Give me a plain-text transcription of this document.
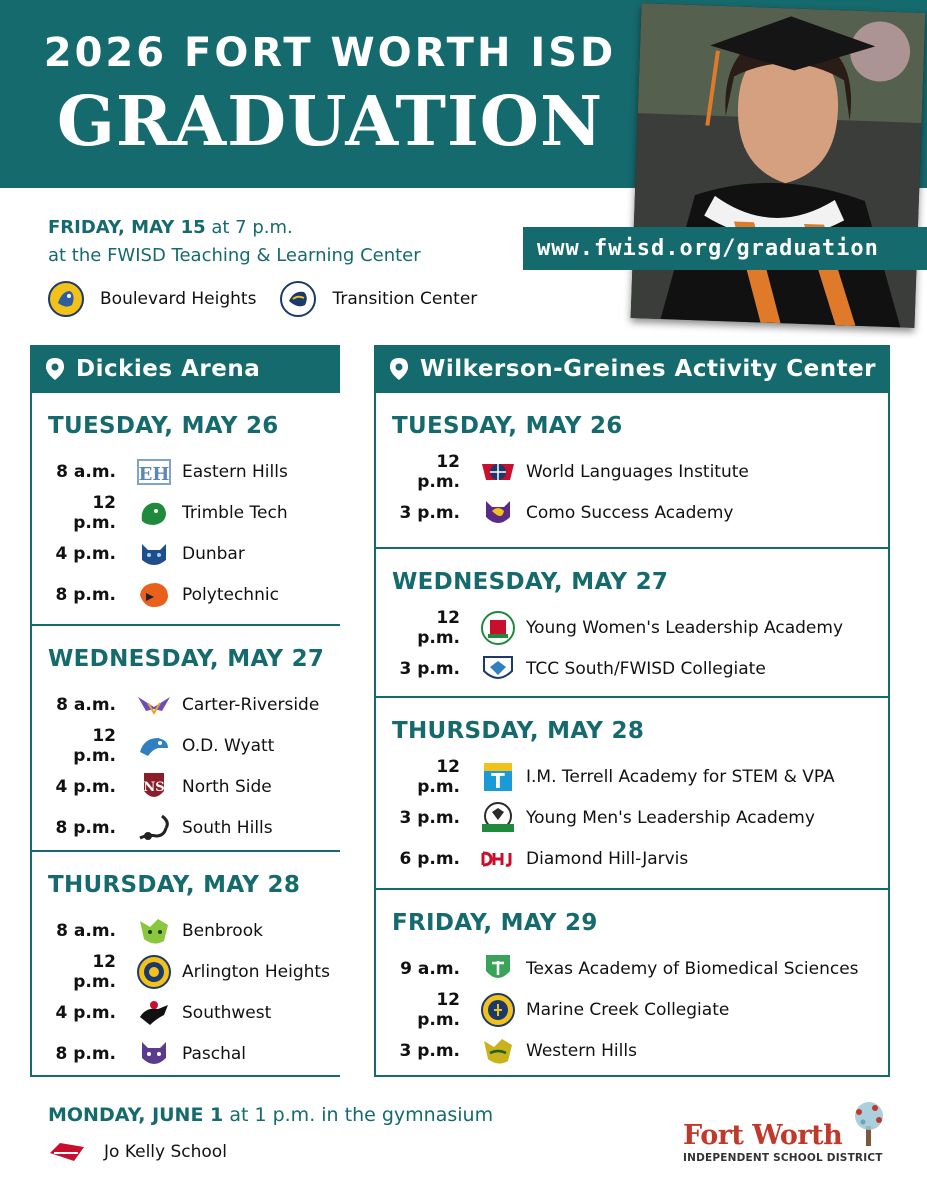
2026 FORT WORTH ISD
GRADUATION
www.fwisd.org/graduation
FRIDAY, MAY 15 at 7 p.m.
at the FWISD Teaching & Learning Center
Boulevard Heights	Transition Center
Dickies Arena
TUESDAY, MAY 26
8 a.m. EH Eastern Hills
12 p.m.	Trimble Tech
4 p.m.	Dunbar
8 p.m.	Polytechnic
WEDNESDAY, MAY 27
8 a.m.	Carter-Riverside
12 p.m.	O.D. Wyatt
4 p.m. NS North Side
8 p.m.	South Hills
THURSDAY, MAY 28
8 a.m.	Benbrook
12 p.m.	Arlington Heights
4 p.m.	Southwest
8 p.m.	Paschal
Wilkerson-Greines Activity Center
TUESDAY, MAY 26
12 p.m.	World Languages Institute
3 p.m.	Como Success Academy
WEDNESDAY, MAY 27
12 p.m.	Young Women's Leadership Academy
3 p.m.	TCC South/FWISD Collegiate
THURSDAY, MAY 28
12 p.m. T I.M. Terrell Academy for STEM & VPA
3 p.m.	Young Men's Leadership Academy
6 p.m.	Diamond Hill-Jarvis
FRIDAY, MAY 29
9 a.m.	Texas Academy of Biomedical Sciences
12 p.m.	Marine Creek Collegiate
3 p.m.	Western Hills
MONDAY, JUNE 1 at 1 p.m. in the gymnasium
Jo Kelly School
Fort Worth
INDEPENDENT SCHOOL DISTRICT
